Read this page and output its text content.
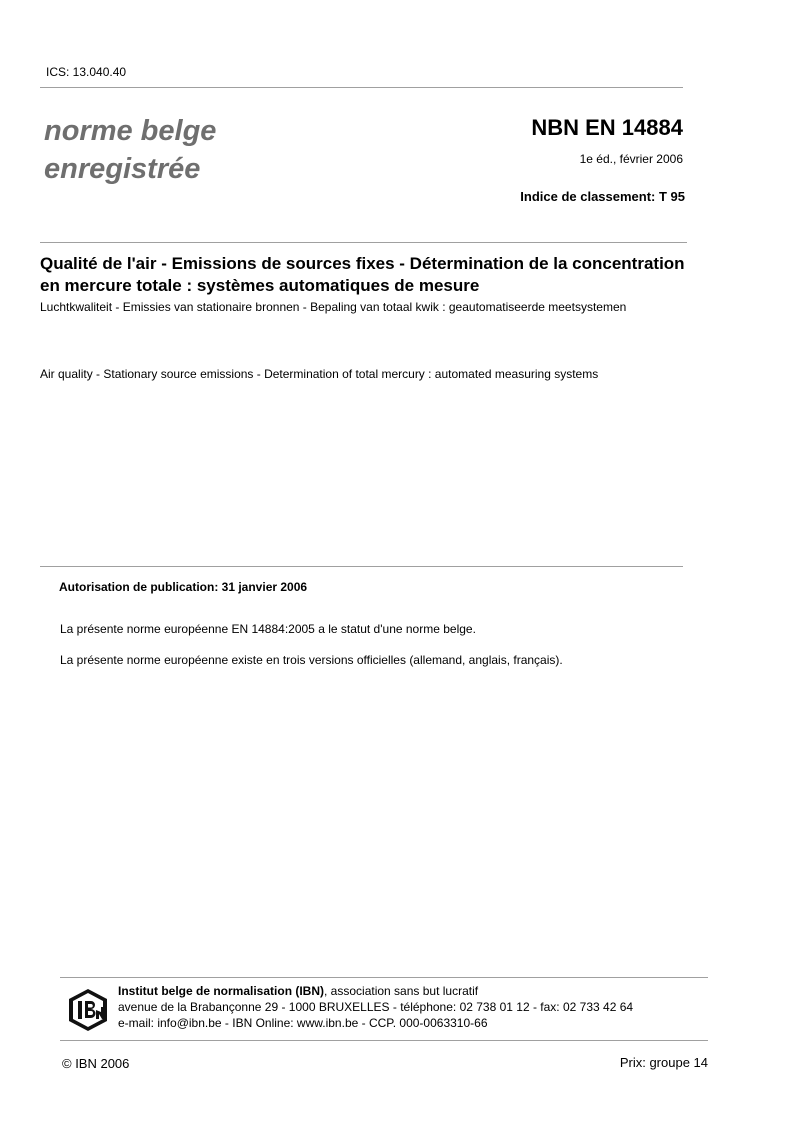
ICS: 13.040.40
norme belge
enregistrée
NBN EN 14884
1e éd., février 2006
Indice de classement: T 95
Qualité de l'air - Emissions de sources fixes - Détermination de la concentration en mercure totale : systèmes automatiques de mesure
Luchtkwaliteit - Emissies van stationaire bronnen - Bepaling van totaal kwik : geautomatiseerde meetsystemen
Air quality - Stationary source emissions - Determination of total mercury : automated measuring systems
Autorisation de publication: 31 janvier 2006
La présente norme européenne EN 14884:2005 a le statut d'une norme belge.
La présente norme européenne existe en trois versions officielles (allemand, anglais, français).
Institut belge de normalisation (IBN), association sans but lucratif
avenue de la Brabançonne 29 - 1000 BRUXELLES - téléphone: 02 738 01 12 - fax: 02 733 42 64
e-mail: info@ibn.be - IBN Online: www.ibn.be - CCP. 000-0063310-66
© IBN 2006	Prix: groupe 14
